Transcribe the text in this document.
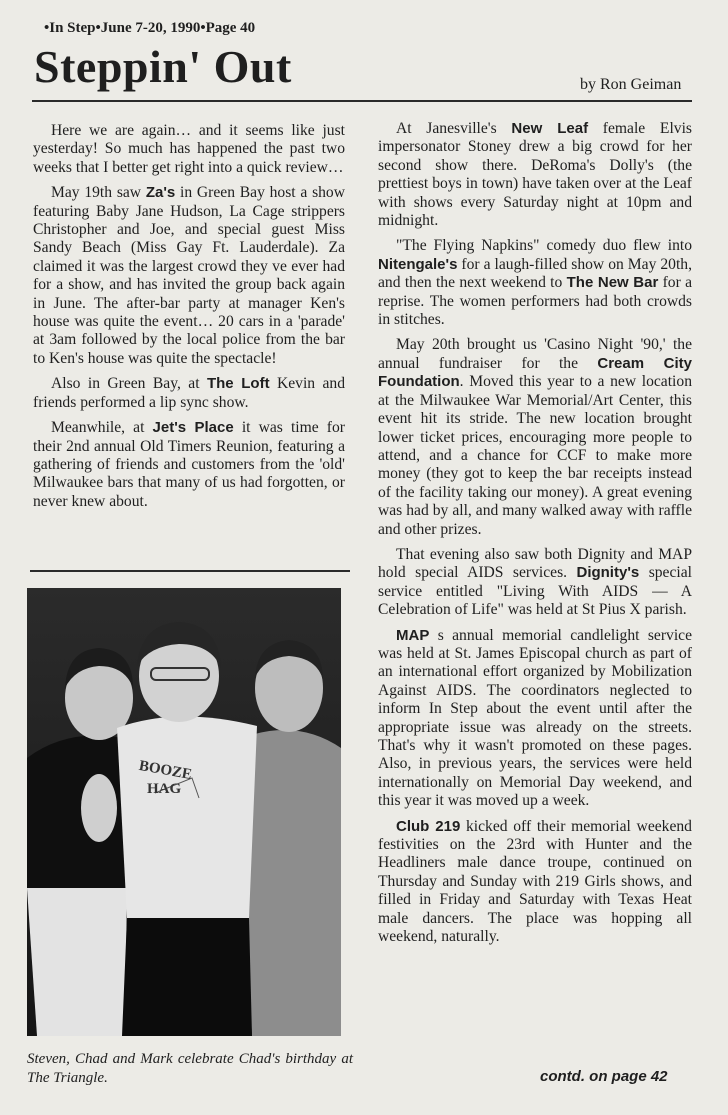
•In Step•June 7-20, 1990•Page 40
Steppin' Out	by Ron Geiman

Here we are again… and it seems like just yesterday! So much has happened the past two weeks that I better get right into a quick review…

May 19th saw Za's in Green Bay host a show featuring Baby Jane Hudson, La Cage strippers Christopher and Joe, and special guest Miss Sandy Beach (Miss Gay Ft. Lauderdale). Za claimed it was the largest crowd they ve ever had for a show, and has invited the group back again in June. The after-bar party at manager Ken's house was quite the event… 20 cars in a 'parade' at 3am followed by the local police from the bar to Ken's house was quite the spectacle!

Also in Green Bay, at The Loft Kevin and friends performed a lip sync show.

Meanwhile, at Jet's Place it was time for their 2nd annual Old Timers Reunion, featuring a gathering of friends and customers from the 'old' Milwaukee bars that many of us had forgotten, or never knew about.

BOOZE
HAG
Steven, Chad and Mark celebrate Chad's birthday at The Triangle.

At Janesville's New Leaf female Elvis impersonator Stoney drew a big crowd for her second show there. DeRoma's Dolly's (the prettiest boys in town) have taken over at the Leaf with shows every Saturday night at 10pm and midnight.

"The Flying Napkins" comedy duo flew into Nitengale's for a laugh-filled show on May 20th, and then the next weekend to The New Bar for a reprise. The women performers had both crowds in stitches.

May 20th brought us 'Casino Night '90,' the annual fundraiser for the Cream City Foundation. Moved this year to a new location at the Milwaukee War Memorial/Art Center, this event hit its stride. The new location brought lower ticket prices, encouraging more people to attend, and a chance for CCF to make more money (they got to keep the bar receipts instead of the facility taking our money). A great evening was had by all, and many walked away with raffle and other prizes.

That evening also saw both Dignity and MAP hold special AIDS services. Dignity's special service entitled "Living With AIDS — A Celebration of Life" was held at St Pius X parish.

MAP s annual memorial candlelight service was held at St. James Episcopal church as part of an international effort organized by Mobilization Against AIDS. The coordinators neglected to inform In Step about the event until after the appropriate issue was already on the streets. That's why it wasn't promoted on these pages. Also, in previous years, the services were held internationally on Memorial Day weekend, and this year it was moved up a week.

Club 219 kicked off their memorial weekend festivities on the 23rd with Hunter and the Headliners male dance troupe, continued on Thursday and Sunday with 219 Girls shows, and filled in Friday and Saturday with Texas Heat male dancers. The place was hopping all weekend, naturally.

contd. on page 42
